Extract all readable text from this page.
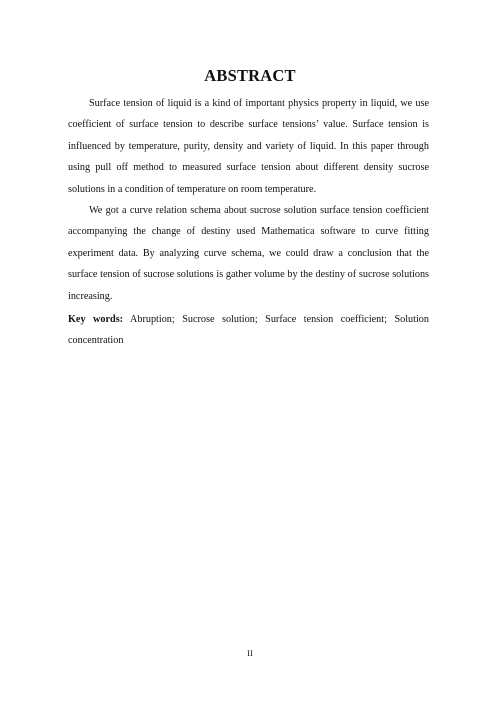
ABSTRACT

Surface tension of liquid is a kind of important physics property in liquid, we use coefficient of surface tension to describe surface tensions’ value. Surface tension is influenced by temperature, purity, density and variety of liquid. In this paper through using pull off method to measured surface tension about different density sucrose solutions in a condition of temperature on room temperature.

We got a curve relation schema about sucrose solution surface tension coefficient accompanying the change of destiny used Mathematica software to curve fitting experiment data. By analyzing curve schema, we could draw a conclusion that the surface tension of sucrose solutions is gather volume by the destiny of sucrose solutions increasing.

Key words: Abruption; Sucrose solution; Surface tension coefficient; Solution concentration
II
